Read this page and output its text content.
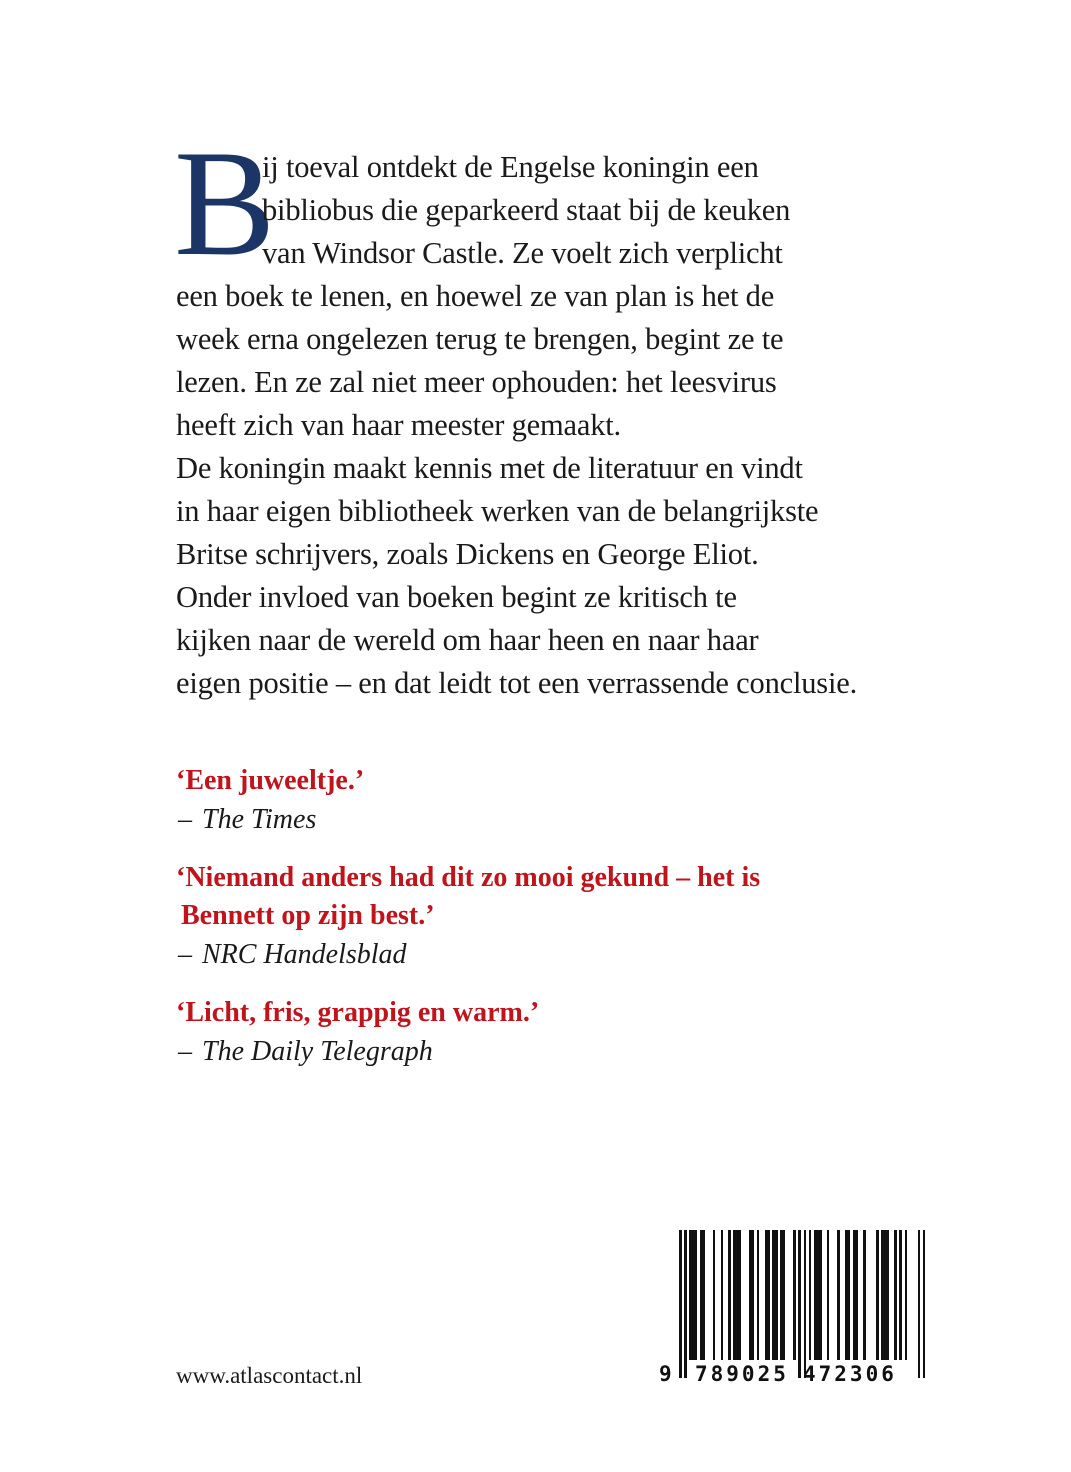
B
ij toeval ontdekt de Engelse koningin een
bibliobus die geparkeerd staat bij de keuken
van Windsor Castle. Ze voelt zich verplicht
een boek te lenen, en hoewel ze van plan is het de
week erna ongelezen terug te brengen, begint ze te
lezen. En ze zal niet meer ophouden: het leesvirus
heeft zich van haar meester gemaakt.
De koningin maakt kennis met de literatuur en vindt
in haar eigen bibliotheek werken van de belangrijkste
Britse schrijvers, zoals Dickens en George Eliot.
Onder invloed van boeken begint ze kritisch te
kijken naar de wereld om haar heen en naar haar
eigen positie – en dat leidt tot een verrassende conclusie.
‘Een juweeltje.’
– The Times
‘Niemand anders had dit zo mooi gekund – het is
Bennett op zijn best.’
– NRC Handelsblad
‘Licht, fris, grappig en warm.’
– The Daily Telegraph
www.atlascontact.nl	9 789025 472306
